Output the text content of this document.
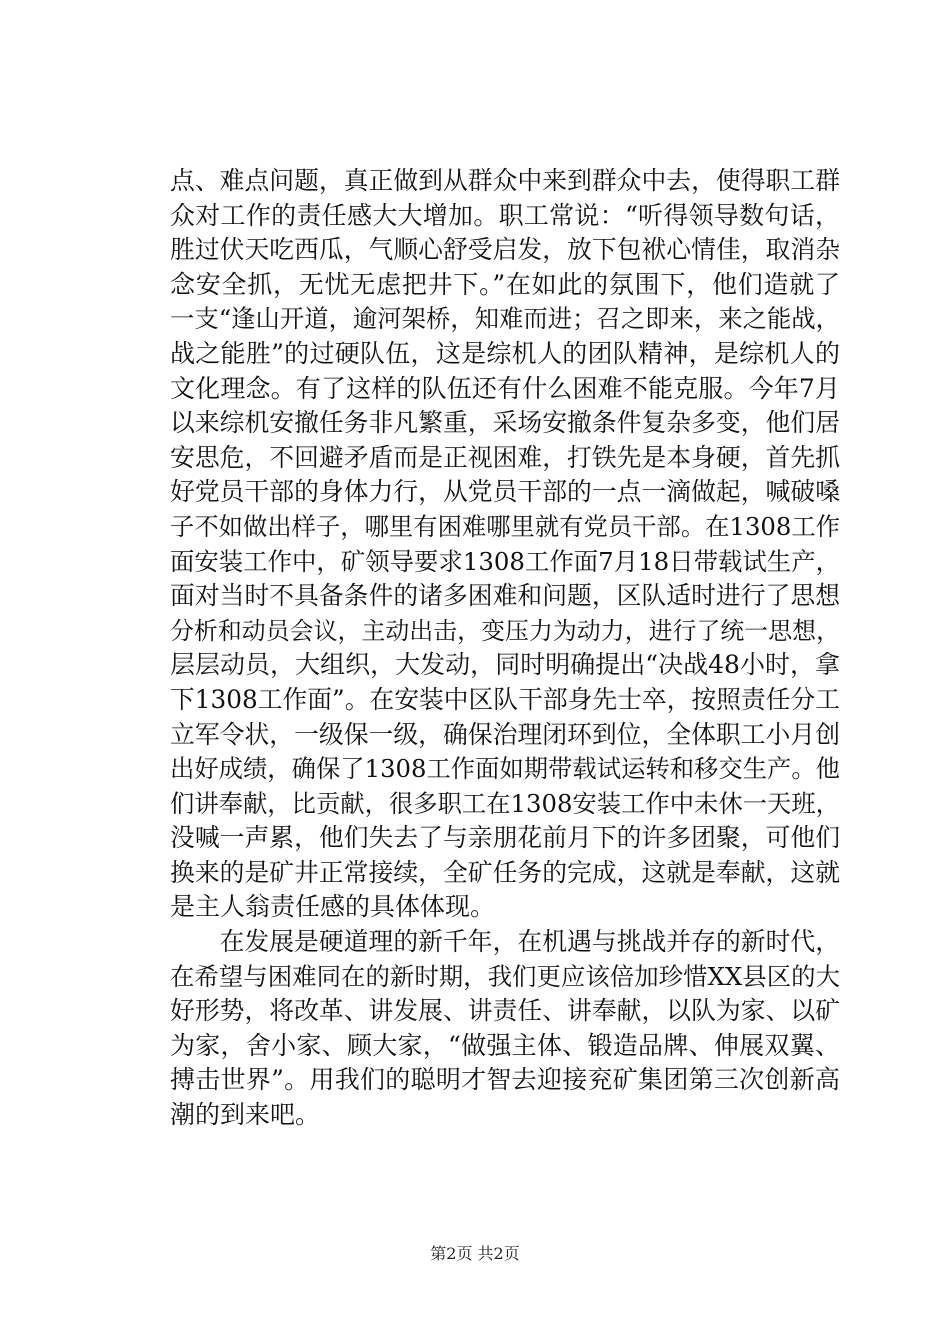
点、难点问题，真正做到从群众中来到群众中去，使得职工群
众对工作的责任感大大增加。职工常说：“听得领导数句话，
胜过伏天吃西瓜，气顺心舒受启发，放下包袱心情佳，取消杂
念安全抓，无忧无虑把井下。”在如此的氛围下，他们造就了
一支“逢山开道，逾河架桥，知难而进；召之即来，来之能战，
战之能胜”的过硬队伍，这是综机人的团队精神，是综机人的
文化理念。有了这样的队伍还有什么困难不能克服。今年7月
以来综机安撤任务非凡繁重，采场安撤条件复杂多变，他们居
安思危，不回避矛盾而是正视困难，打铁先是本身硬，首先抓
好党员干部的身体力行，从党员干部的一点一滴做起，喊破嗓
子不如做出样子，哪里有困难哪里就有党员干部。在1308工作
面安装工作中，矿领导要求1308工作面7月18日带载试生产，
面对当时不具备条件的诸多困难和问题，区队适时进行了思想
分析和动员会议，主动出击，变压力为动力，进行了统一思想，
层层动员，大组织，大发动，同时明确提出“决战48小时，拿
下1308工作面”。在安装中区队干部身先士卒，按照责任分工
立军令状，一级保一级，确保治理闭环到位，全体职工小月创
出好成绩，确保了1308工作面如期带载试运转和移交生产。他
们讲奉献，比贡献，很多职工在1308安装工作中未休一天班，
没喊一声累，他们失去了与亲朋花前月下的许多团聚，可他们
换来的是矿井正常接续，全矿任务的完成，这就是奉献，这就
是主人翁责任感的具体体现。
在发展是硬道理的新千年，在机遇与挑战并存的新时代，
在希望与困难同在的新时期，我们更应该倍加珍惜XX县区的大
好形势，将改革、讲发展、讲责任、讲奉献，以队为家、以矿
为家，舍小家、顾大家，“做强主体、锻造品牌、伸展双翼、
搏击世界”。用我们的聪明才智去迎接兖矿集团第三次创新高
潮的到来吧。
第2页 共2页
